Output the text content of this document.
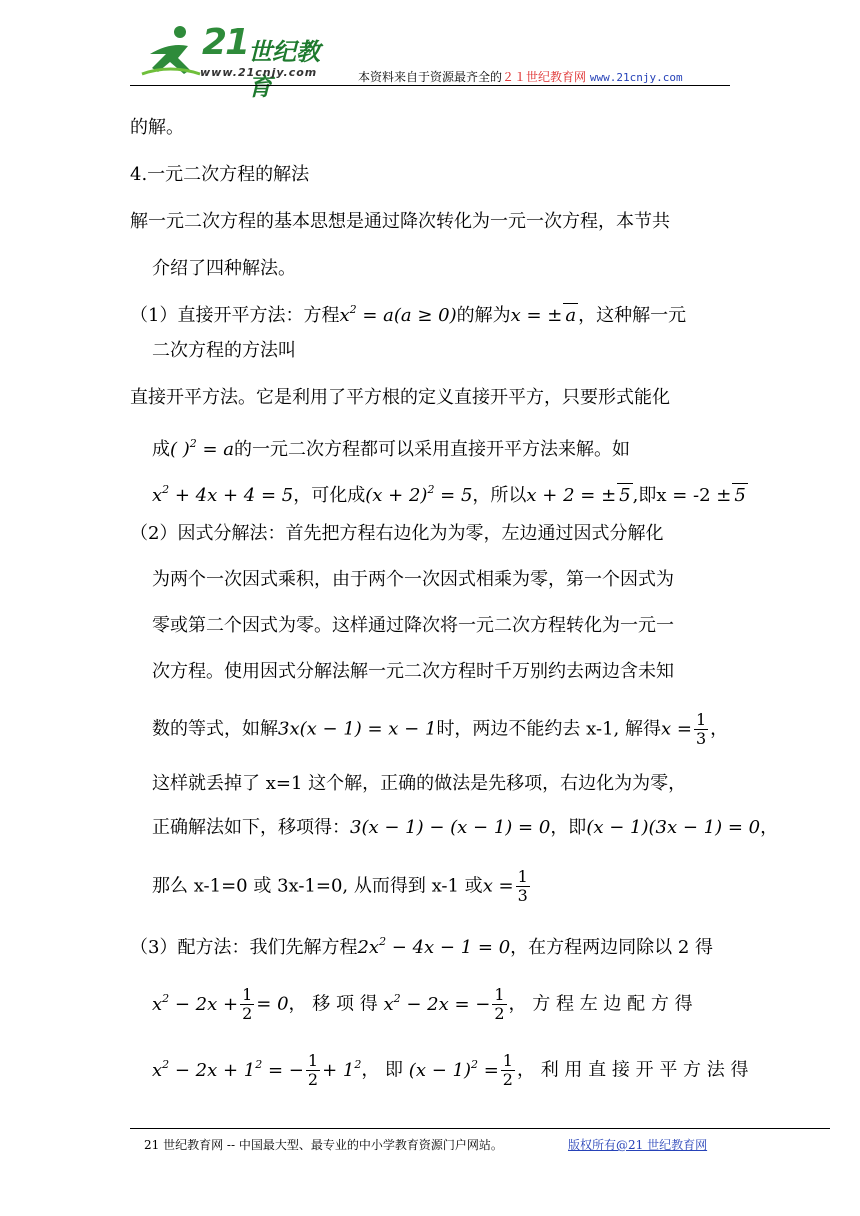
21 世纪教育
www.21cnjy.com	本资料来自于资源最齐全的２１世纪教育网 www.21cnjy.com
的解。
4.一元二次方程的解法
解一元二次方程的基本思想是通过降次转化为一元一次方程，本节共
介绍了四种解法。
（1）直接开平方法：方程$x^2 = a(a \ge 0)$的解为x = ± a ，这种解一元
二次方程的方法叫
直接开平方法。它是利用了平方根的定义直接开平方，只要形式能化
成( )$^2$ = a的一元二次方程都可以采用直接开平方法来解。如
$x^2 + 4x + 4 = 5$，可化成$(x + 2)^2 = 5$，所以x + 2 = ± 5 ,即x = -2 ± 5
（2）因式分解法：首先把方程右边化为为零，左边通过因式分解化
为两个一次因式乘积，由于两个一次因式相乘为零，第一个因式为
零或第二个因式为零。这样通过降次将一元二次方程转化为一元一
次方程。使用因式分解法解一元二次方程时千万别约去两边含未知
数的等式，如解3x(x − 1) = x − 1时，两边不能约去 x-1, 解得$x = \frac{1}{3}$ ，
这样就丢掉了 x=1 这个解，正确的做法是先移项，右边化为为零，
正确解法如下，移项得：3(x − 1) − (x − 1) = 0，即(x − 1)(3x − 1) = 0，
那么 x-1=0 或 3x-1=0, 从而得到 x-1 或$x = \frac{1}{3}$
（3）配方法：我们先解方程$2x^2 - 4x - 1 = 0$，在方程两边同除以 2 得
$x^2 - 2x + \frac{1}{2} = 0$， 移 项 得 $x^2 - 2x$ = − $\frac{1}{2}$ ， 方 程 左 边 配 方 得
$x^2 - 2x + 1^2$ = − $\frac{1}{2} + 1^2$， 即 $(x - 1)^2 = \frac{1}{2}$ ， 利 用 直 接 开 平 方 法 得
21 世纪教育网 -- 中国最大型、最专业的中小学教育资源门户网站。	版权所有@21 世纪教育网
